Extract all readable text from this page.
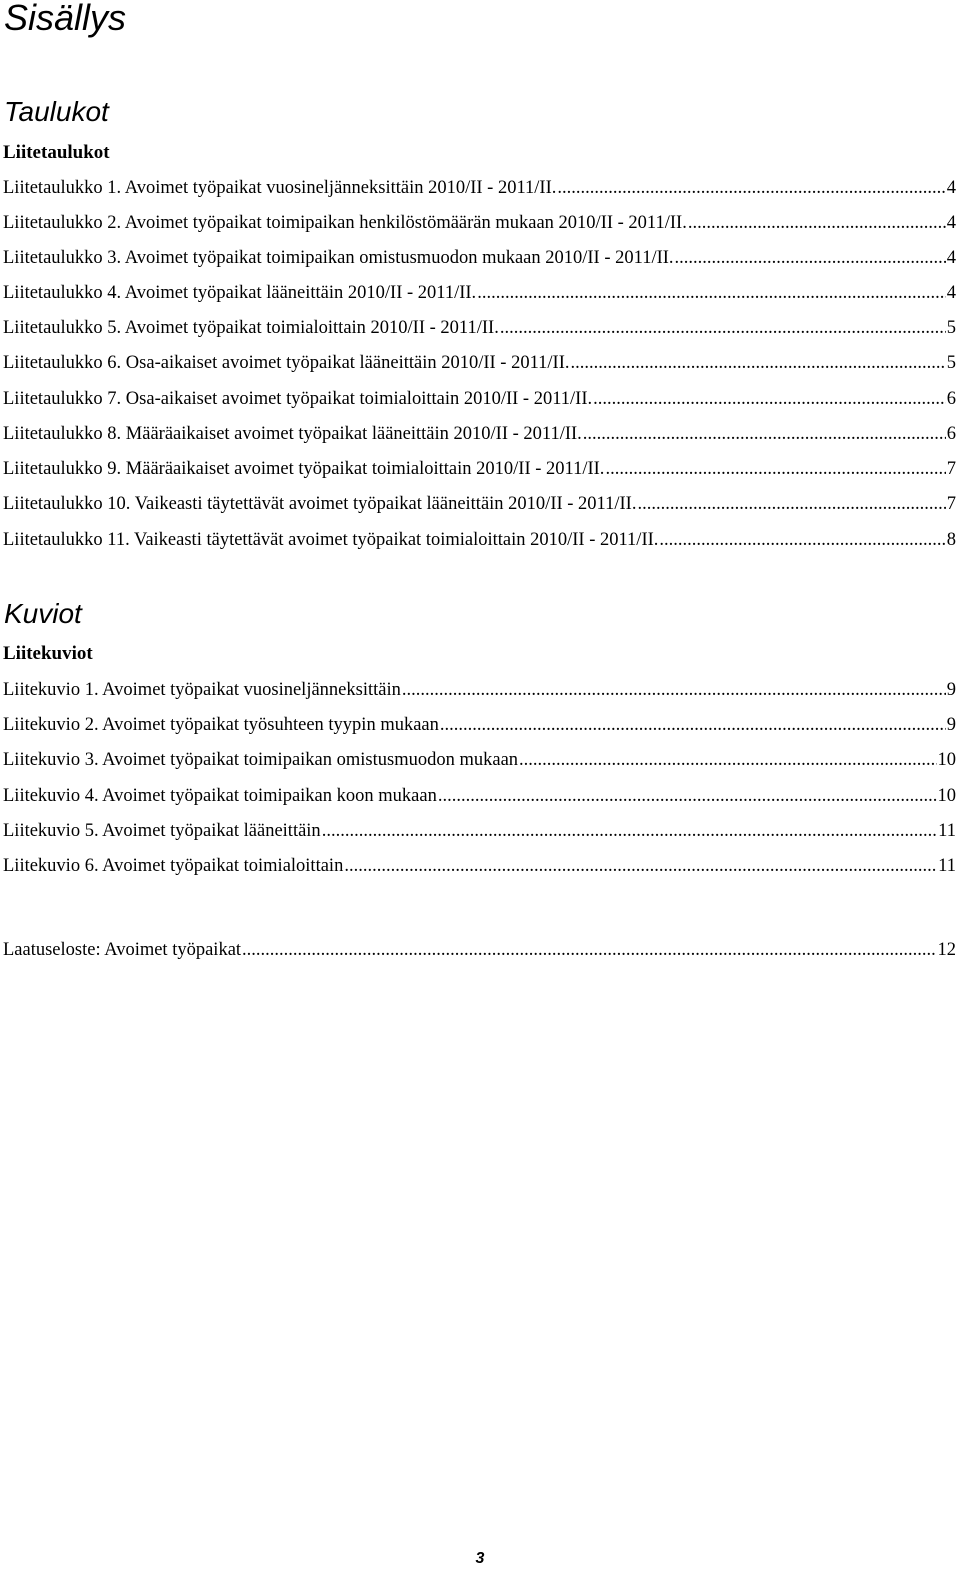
Sisällys
Taulukot
Liitetaulukot
Liitetaulukko 1. Avoimet työpaikat vuosineljänneksittäin 2010/II - 2011/II. .....	4
Liitetaulukko 2. Avoimet työpaikat toimipaikan henkilöstömäärän mukaan 2010/II - 2011/II. .....	4
Liitetaulukko 3. Avoimet työpaikat toimipaikan omistusmuodon mukaan 2010/II - 2011/II. .....	4
Liitetaulukko 4. Avoimet työpaikat lääneittäin 2010/II - 2011/II. .....	4
Liitetaulukko 5. Avoimet työpaikat toimialoittain 2010/II - 2011/II. .....	5
Liitetaulukko 6. Osa-aikaiset avoimet työpaikat lääneittäin 2010/II - 2011/II. .....	5
Liitetaulukko 7. Osa-aikaiset avoimet työpaikat toimialoittain 2010/II - 2011/II. .....	6
Liitetaulukko 8. Määräaikaiset avoimet työpaikat lääneittäin 2010/II - 2011/II. .....	6
Liitetaulukko 9. Määräaikaiset avoimet työpaikat toimialoittain 2010/II - 2011/II. .....	7
Liitetaulukko 10. Vaikeasti täytettävät avoimet työpaikat lääneittäin 2010/II - 2011/II. .....	7
Liitetaulukko 11. Vaikeasti täytettävät avoimet työpaikat toimialoittain 2010/II - 2011/II. .....	8
Kuviot
Liitekuviot
Liitekuvio 1. Avoimet työpaikat vuosineljänneksittäin .....	9
Liitekuvio 2. Avoimet työpaikat työsuhteen tyypin mukaan .....	9
Liitekuvio 3. Avoimet työpaikat toimipaikan omistusmuodon mukaan .....	10
Liitekuvio 4. Avoimet työpaikat toimipaikan koon mukaan .....	10
Liitekuvio 5. Avoimet työpaikat lääneittäin .....	11
Liitekuvio 6. Avoimet työpaikat toimialoittain .....	11
Laatuseloste: Avoimet työpaikat .....	12
3
